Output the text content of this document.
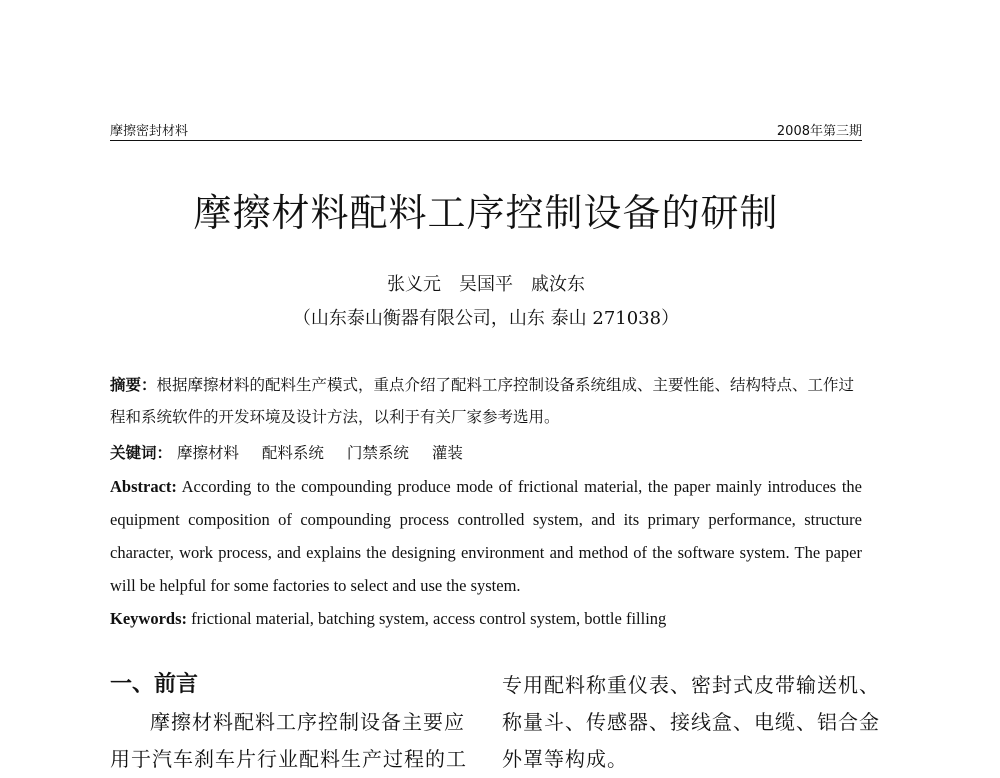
摩擦密封材料	2008年第三期
摩擦材料配料工序控制设备的研制
张义元　吴国平　戚汝东
（山东泰山衡器有限公司，山东 泰山 271038）
摘要：根据摩擦材料的配料生产模式，重点介绍了配料工序控制设备系统组成、主要性能、结构特点、工作过程和系统软件的开发环境及设计方法，以利于有关厂家参考选用。
关键词： 摩擦材料 配料系统 门禁系统 灌装
Abstract: According to the compounding produce mode of frictional material, the paper mainly introduces the equipment composition of compounding process controlled system, and its primary performance, structure character, work process, and explains the designing environment and method of the software system. The paper will be helpful for some factories to select and use the system.
Keywords: frictional material, batching system, access control system, bottle filling
一、前言
摩擦材料配料工序控制设备主要应
用于汽车刹车片行业配料生产过程的工
专用配料称重仪表、密封式皮带输送机、
称量斗、传感器、接线盒、电缆、铝合金
外罩等构成。
